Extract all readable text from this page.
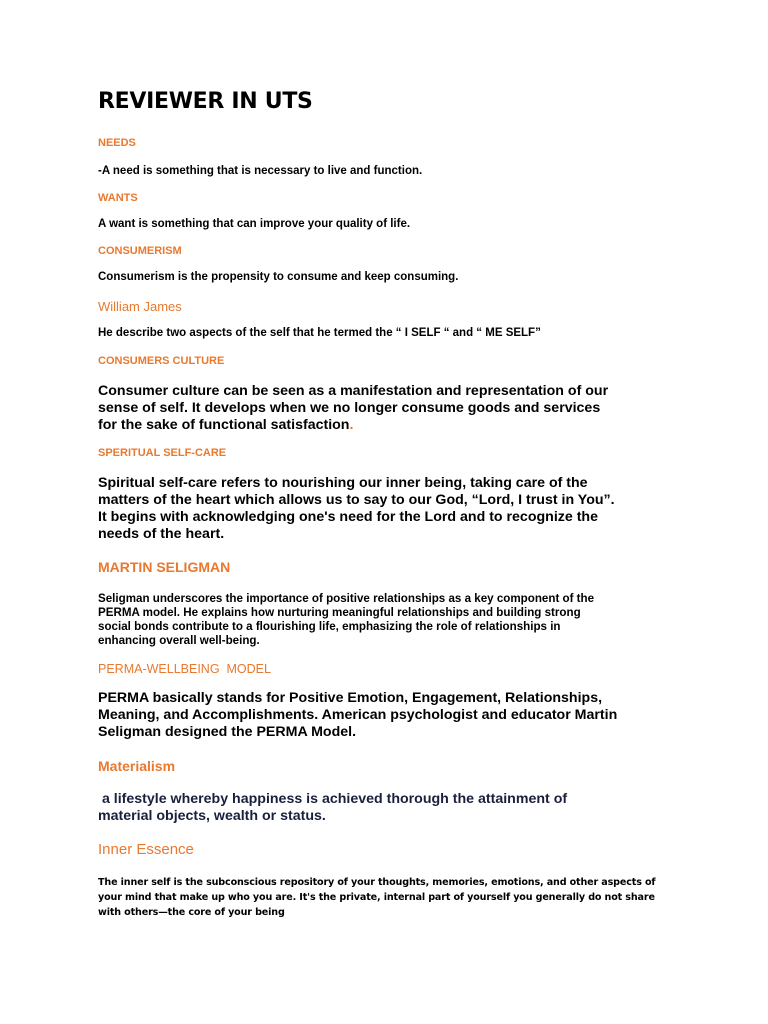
REVIEWER IN UTS
NEEDS
-A need is something that is necessary to live and function.
WANTS
A want is something that can improve your quality of life.
CONSUMERISM
Consumerism is the propensity to consume and keep consuming.
William James
He describe two aspects of the self that he termed the “ I SELF “ and “ ME SELF”
CONSUMERS CULTURE
Consumer culture can be seen as a manifestation and representation of our
sense of self. It develops when we no longer consume goods and services
for the sake of functional satisfaction.
SPERITUAL SELF-CARE
Spiritual self-care refers to nourishing our inner being, taking care of the
matters of the heart which allows us to say to our God, “Lord, I trust in You”.
It begins with acknowledging one's need for the Lord and to recognize the
needs of the heart.
MARTIN SELIGMAN
Seligman underscores the importance of positive relationships as a key component of the
PERMA model. He explains how nurturing meaningful relationships and building strong
social bonds contribute to a flourishing life, emphasizing the role of relationships in
enhancing overall well-being.
PERMA-WELLBEING  MODEL
PERMA basically stands for Positive Emotion, Engagement, Relationships,
Meaning, and Accomplishments. American psychologist and educator Martin
Seligman designed the PERMA Model.
Materialism
a lifestyle whereby happiness is achieved thorough the attainment of
material objects, wealth or status.
Inner Essence
The inner self is the subconscious repository of your thoughts, memories, emotions, and other aspects of
your mind that make up who you are. It's the private, internal part of yourself you generally do not share
with others—the core of your being
